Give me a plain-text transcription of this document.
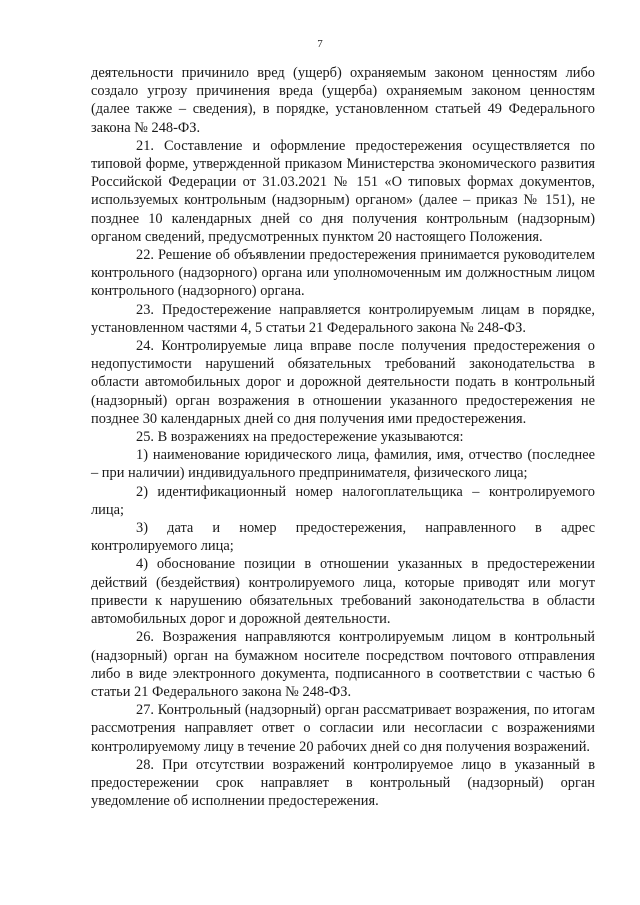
7

деятельности причинило вред (ущерб) охраняемым законом ценностям либо создало угрозу причинения вреда (ущерба) охраняемым законом ценностям (далее также – сведения), в порядке, установленном статьей 49 Федерального закона № 248-ФЗ.

21. Составление и оформление предостережения осуществляется по типовой форме, утвержденной приказом Министерства экономического развития Российской Федерации от 31.03.2021 № 151 «О типовых формах документов, используемых контрольным (надзорным) органом» (далее – приказ № 151), не позднее 10 календарных дней со дня получения контрольным (надзорным) органом сведений, предусмотренных пунктом 20 настоящего Положения.

22. Решение об объявлении предостережения принимается руководителем контрольного (надзорного) органа или уполномоченным им должностным лицом контрольного (надзорного) органа.

23. Предостережение направляется контролируемым лицам в порядке, установленном частями 4, 5 статьи 21 Федерального закона № 248-ФЗ.

24. Контролируемые лица вправе после получения предостережения о недопустимости нарушений обязательных требований законодательства в области автомобильных дорог и дорожной деятельности подать в контрольный (надзорный) орган возражения в отношении указанного предостережения не позднее 30 календарных дней со дня получения ими предостережения.

25. В возражениях на предостережение указываются:

1) наименование юридического лица, фамилия, имя, отчество (последнее – при наличии) индивидуального предпринимателя, физического лица;

2) идентификационный номер налогоплательщика – контролируемого лица;

3) дата и номер предостережения, направленного в адрес контролируемого лица;

4) обоснование позиции в отношении указанных в предостережении действий (бездействия) контролируемого лица, которые приводят или могут привести к нарушению обязательных требований законодательства в области автомобильных дорог и дорожной деятельности.

26. Возражения направляются контролируемым лицом в контрольный (надзорный) орган на бумажном носителе посредством почтового отправления либо в виде электронного документа, подписанного в соответствии с частью 6 статьи 21 Федерального закона № 248-ФЗ.

27. Контрольный (надзорный) орган рассматривает возражения, по итогам рассмотрения направляет ответ о согласии или несогласии с возражениями контролируемому лицу в течение 20 рабочих дней со дня получения возражений.

28. При отсутствии возражений контролируемое лицо в указанный в предостережении срок направляет в контрольный (надзорный) орган уведомление об исполнении предостережения.
